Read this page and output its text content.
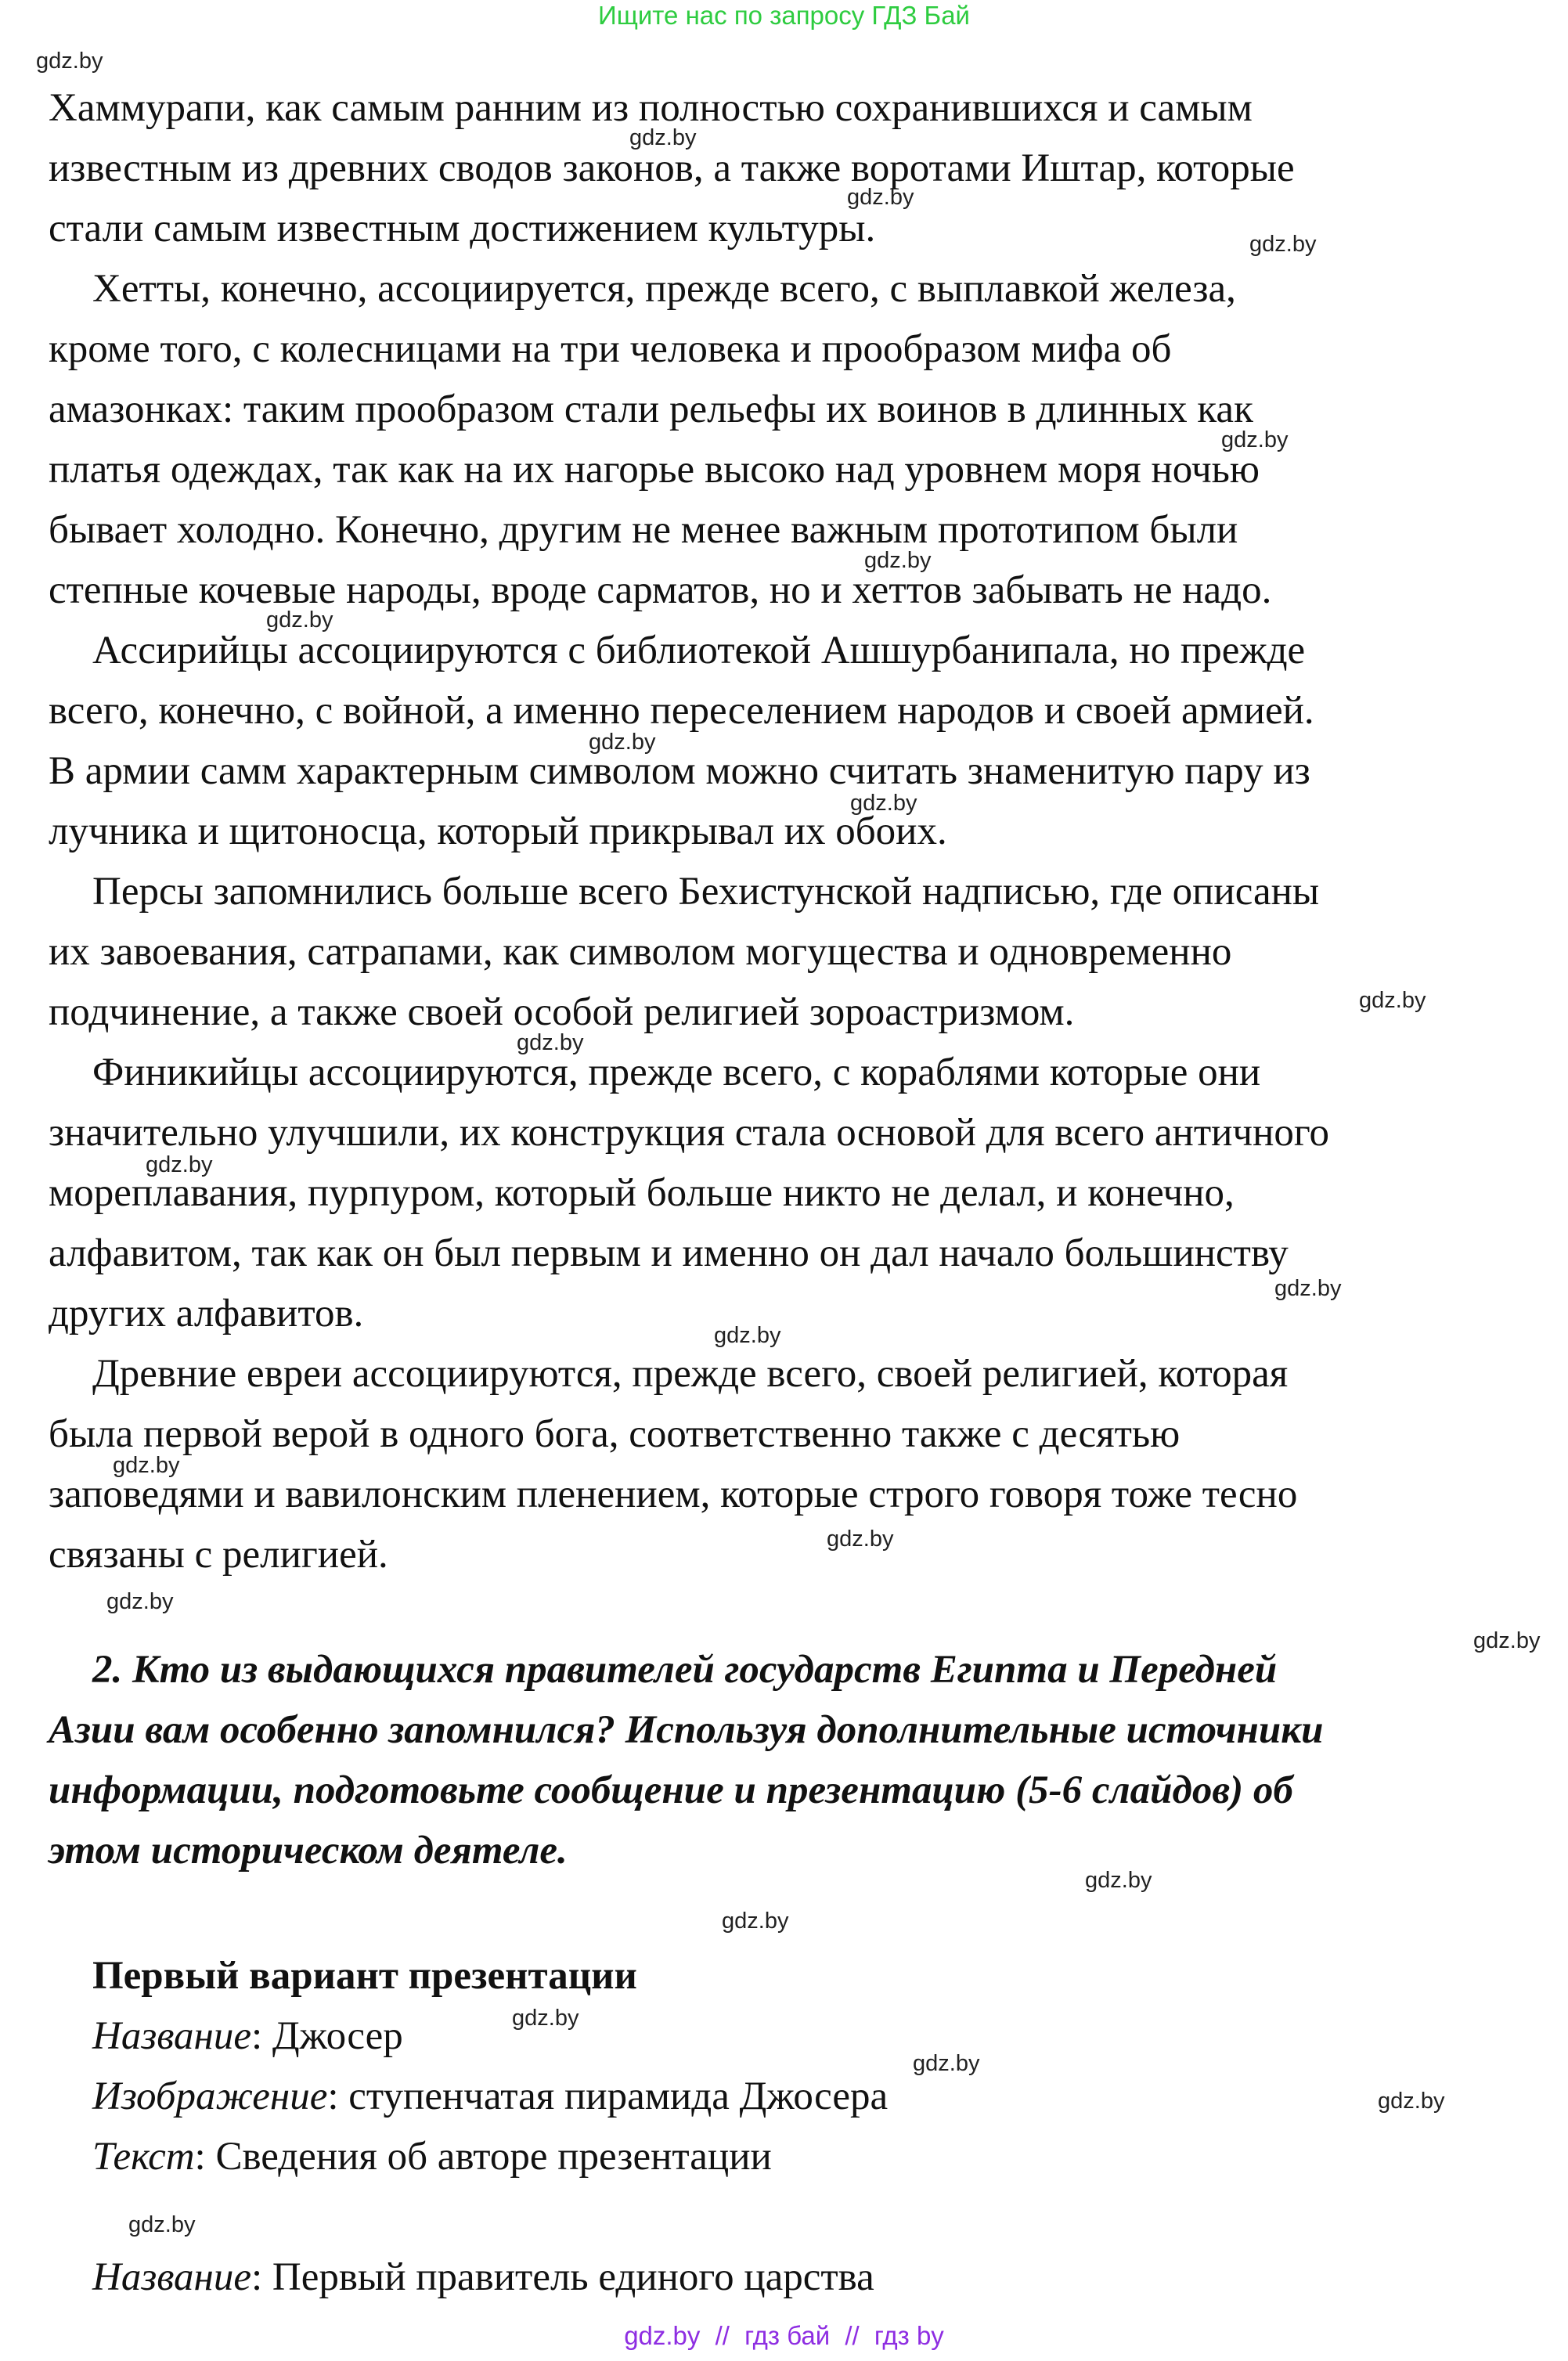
Ищите нас по запросу ГДЗ Бай
Хаммурапи, как самым ранним из полностью сохранившихся и самым
известным из древних сводов законов, а также воротами Иштар, которые
стали самым известным достижением культуры.
Хетты, конечно, ассоциируется, прежде всего, с выплавкой железа,
кроме того, с колесницами на три человека и прообразом мифа об
амазонках: таким прообразом стали рельефы их воинов в длинных как
платья одеждах, так как на их нагорье высоко над уровнем моря ночью
бывает холодно. Конечно, другим не менее важным прототипом были
степные кочевые народы, вроде сарматов, но и хеттов забывать не надо.
Ассирийцы ассоциируются с библиотекой Ашшурбанипала, но прежде
всего, конечно, с войной, а именно переселением народов и своей армией.
В армии самм характерным символом можно считать знаменитую пару из
лучника и щитоносца, который прикрывал их обоих.
Персы запомнились больше всего Бехистунской надписью, где описаны
их завоевания, сатрапами, как символом могущества и одновременно
подчинение, а также своей особой религией зороастризмом.
Финикийцы ассоциируются, прежде всего, с кораблями которые они
значительно улучшили, их конструкция стала основой для всего античного
мореплавания, пурпуром, который больше никто не делал, и конечно,
алфавитом, так как он был первым и именно он дал начало большинству
других алфавитов.
Древние евреи ассоциируются, прежде всего, своей религией, которая
была первой верой в одного бога, соответственно также с десятью
заповедями и вавилонским пленением, которые строго говоря тоже тесно
связаны с религией.
2. Кто из выдающихся правителей государств Египта и Передней
Азии вам особенно запомнился? Используя дополнительные источники
информации, подготовьте сообщение и презентацию (5-6 слайдов) об
этом историческом деятеле.
Первый вариант презентации
Название: Джосер
Изображение: ступенчатая пирамида Джосера
Текст: Сведения об авторе презентации
Название: Первый правитель единого царства
gdz.by
gdz.by
gdz.by
gdz.by
gdz.by
gdz.by
gdz.by
gdz.by
gdz.by
gdz.by
gdz.by
gdz.by
gdz.by
gdz.by
gdz.by
gdz.by
gdz.by
gdz.by
gdz.by
gdz.by
gdz.by
gdz.by
gdz.by
gdz.by
gdz.by // гдз бай // гдз by
